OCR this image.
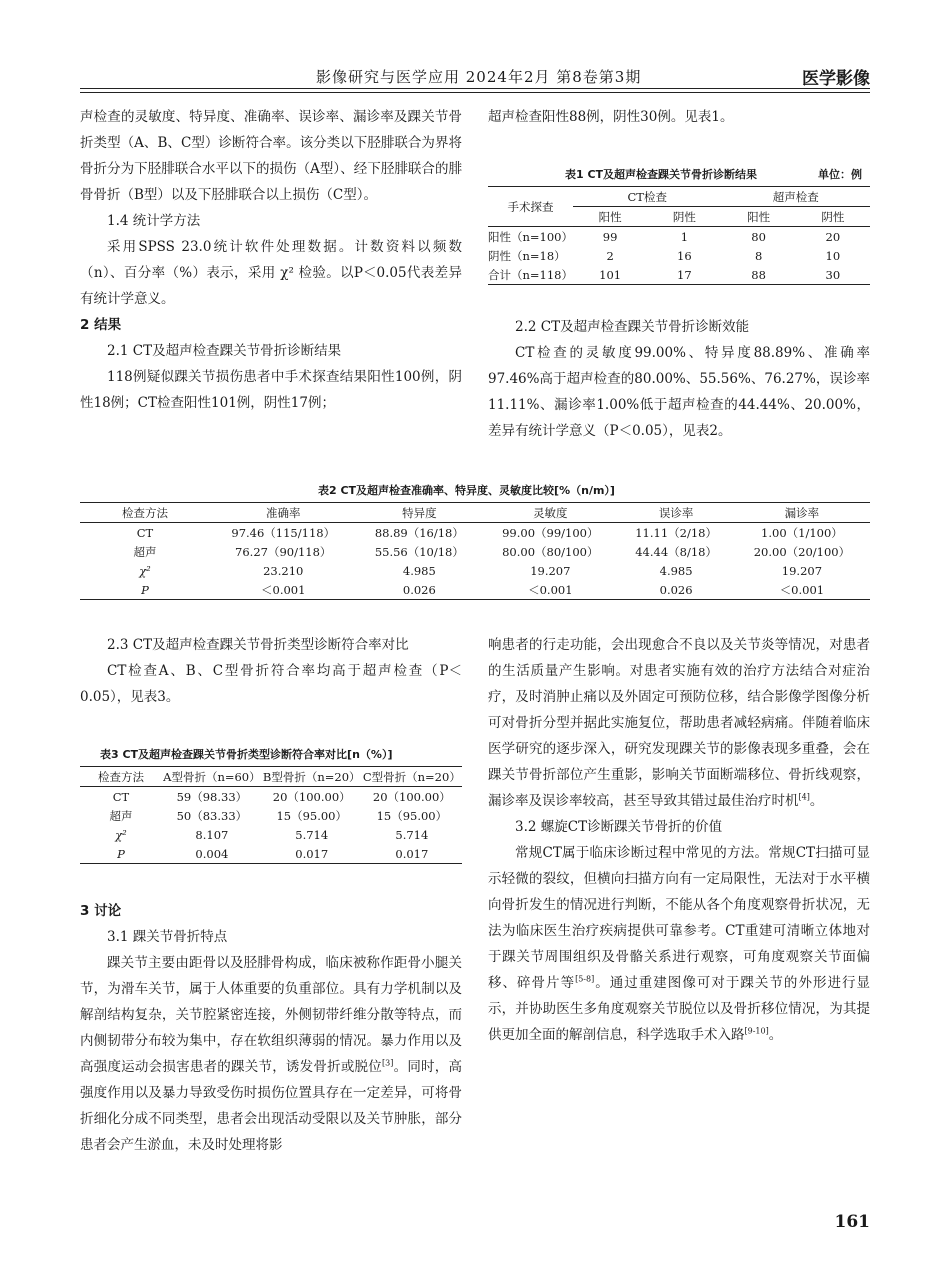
影像研究与医学应用 2024年2月 第8卷第3期	医学影像

声检查的灵敏度、特异度、准确率、误诊率、漏诊率及踝关节骨折类型（A、B、C型）诊断符合率。该分类以下胫腓联合为界将骨折分为下胫腓联合水平以下的损伤（A型）、经下胫腓联合的腓骨骨折（B型）以及下胫腓联合以上损伤（C型）。

1.4 统计学方法

采用SPSS 23.0统计软件处理数据。计数资料以频数（n）、百分率（%）表示，采用 χ² 检验。以P＜0.05代表差异有统计学意义。

2 结果

2.1 CT及超声检查踝关节骨折诊断结果

118例疑似踝关节损伤患者中手术探查结果阳性100例，阴性18例；CT检查阳性101例，阴性17例；

超声检查阳性88例，阴性30例。见表1。

表1 CT及超声检查踝关节骨折诊断结果	单位：例
手术探查	CT检查		超声检查	
	阳性	阴性	阳性	阴性
阳性（n=100）	99	1	80	20
阴性（n=18）	2	16	8	10
合计（n=118）	101	17	88	30

2.2 CT及超声检查踝关节骨折诊断效能

CT检查的灵敏度99.00%、特异度88.89%、准确率97.46%高于超声检查的80.00%、55.56%、76.27%，误诊率11.11%、漏诊率1.00%低于超声检查的44.44%、20.00%，差异有统计学意义（P＜0.05），见表2。

表2 CT及超声检查准确率、特异度、灵敏度比较[%（n/m）]
检查方法	准确率	特异度	灵敏度	误诊率	漏诊率
CT	97.46（115/118）	88.89（16/18）	99.00（99/100）	11.11（2/18）	1.00（1/100）
超声	76.27（90/118）	55.56（10/18）	80.00（80/100）	44.44（8/18）	20.00（20/100）
χ²	23.210	4.985	19.207	4.985	19.207
P	＜0.001	0.026	＜0.001	0.026	＜0.001

2.3 CT及超声检查踝关节骨折类型诊断符合率对比

CT检查A、B、C型骨折符合率均高于超声检查（P＜0.05），见表3。

表3 CT及超声检查踝关节骨折类型诊断符合率对比[n（%）]
检查方法	A型骨折（n=60）	B型骨折（n=20）	C型骨折（n=20）
CT	59（98.33）	20（100.00）	20（100.00）
超声	50（83.33）	15（95.00）	15（95.00）
χ²	8.107	5.714	5.714
P	0.004	0.017	0.017

3 讨论

3.1 踝关节骨折特点

踝关节主要由距骨以及胫腓骨构成，临床被称作距骨小腿关节，为滑车关节，属于人体重要的负重部位。具有力学机制以及解剖结构复杂，关节腔紧密连接，外侧韧带纤维分散等特点，而内侧韧带分布较为集中，存在软组织薄弱的情况。暴力作用以及高强度运动会损害患者的踝关节，诱发骨折或脱位[3]。同时，高强度作用以及暴力导致受伤时损伤位置具存在一定差异，可将骨折细化分成不同类型，患者会出现活动受限以及关节肿胀，部分患者会产生淤血，未及时处理将影

响患者的行走功能，会出现愈合不良以及关节炎等情况，对患者的生活质量产生影响。对患者实施有效的治疗方法结合对症治疗，及时消肿止痛以及外固定可预防位移，结合影像学图像分析可对骨折分型并据此实施复位，帮助患者减轻病痛。伴随着临床医学研究的逐步深入，研究发现踝关节的影像表现多重叠，会在踝关节骨折部位产生重影，影响关节面断端移位、骨折线观察，漏诊率及误诊率较高，甚至导致其错过最佳治疗时机[4]。

3.2 螺旋CT诊断踝关节骨折的价值

常规CT属于临床诊断过程中常见的方法。常规CT扫描可显示轻微的裂纹，但横向扫描方向有一定局限性，无法对于水平横向骨折发生的情况进行判断，不能从各个角度观察骨折状况，无法为临床医生治疗疾病提供可靠参考。CT重建可清晰立体地对于踝关节周围组织及骨骼关系进行观察，可角度观察关节面偏移、碎骨片等[5-8]。通过重建图像可对于踝关节的外形进行显示，并协助医生多角度观察关节脱位以及骨折移位情况，为其提供更加全面的解剖信息，科学选取手术入路[9-10]。

161
